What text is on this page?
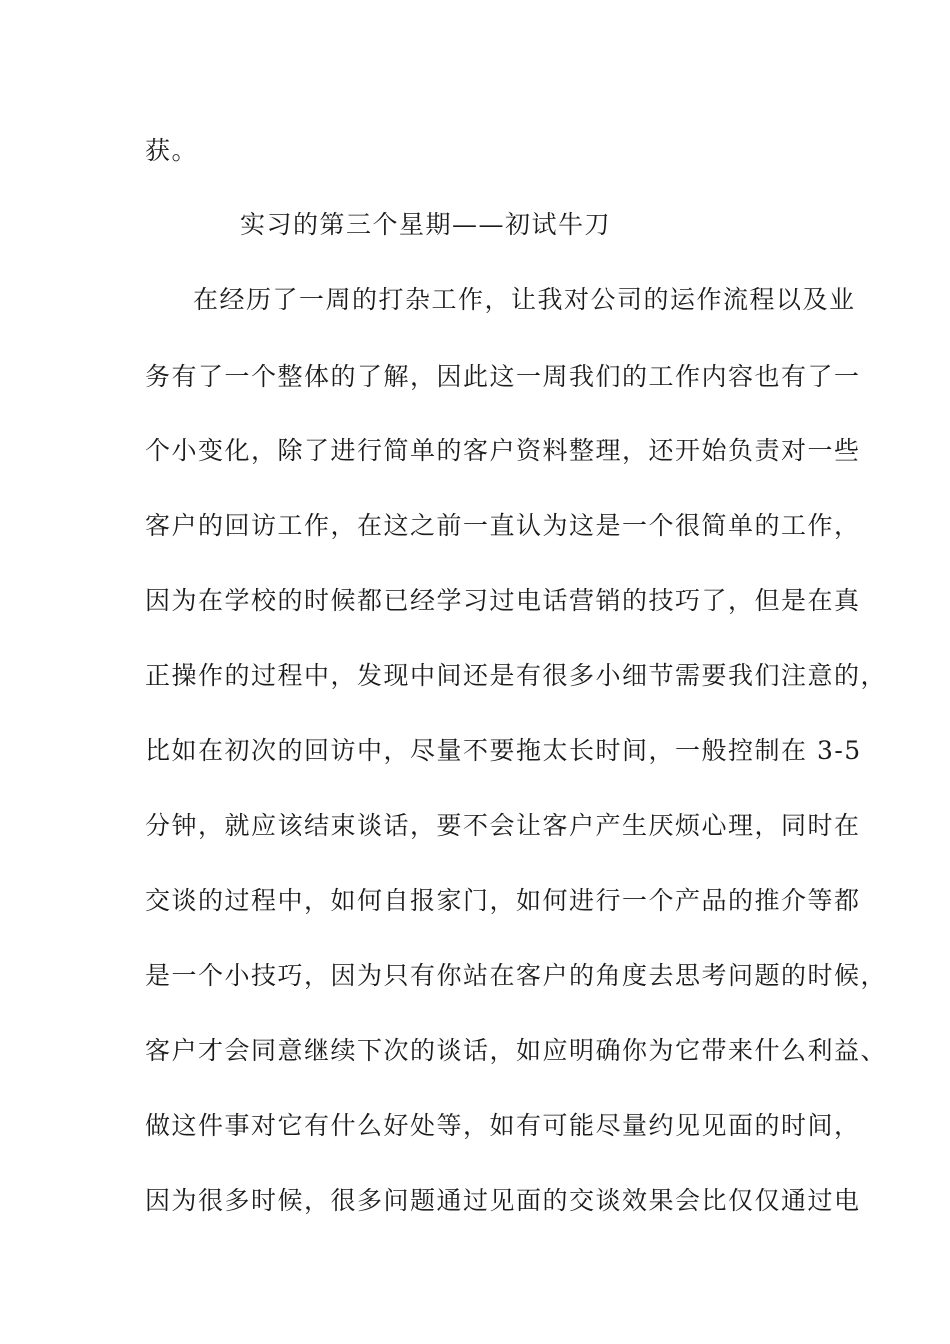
获。
实习的第三个星期——初试牛刀
在经历了一周的打杂工作，让我对公司的运作流程以及业
务有了一个整体的了解，因此这一周我们的工作内容也有了一
个小变化，除了进行简单的客户资料整理，还开始负责对一些
客户的回访工作，在这之前一直认为这是一个很简单的工作，
因为在学校的时候都已经学习过电话营销的技巧了，但是在真
正操作的过程中，发现中间还是有很多小细节需要我们注意的，
比如在初次的回访中，尽量不要拖太长时间，一般控制在 3-5
分钟，就应该结束谈话，要不会让客户产生厌烦心理，同时在
交谈的过程中，如何自报家门，如何进行一个产品的推介等都
是一个小技巧，因为只有你站在客户的角度去思考问题的时候，
客户才会同意继续下次的谈话，如应明确你为它带来什么利益、
做这件事对它有什么好处等，如有可能尽量约见见面的时间，
因为很多时候，很多问题通过见面的交谈效果会比仅仅通过电
